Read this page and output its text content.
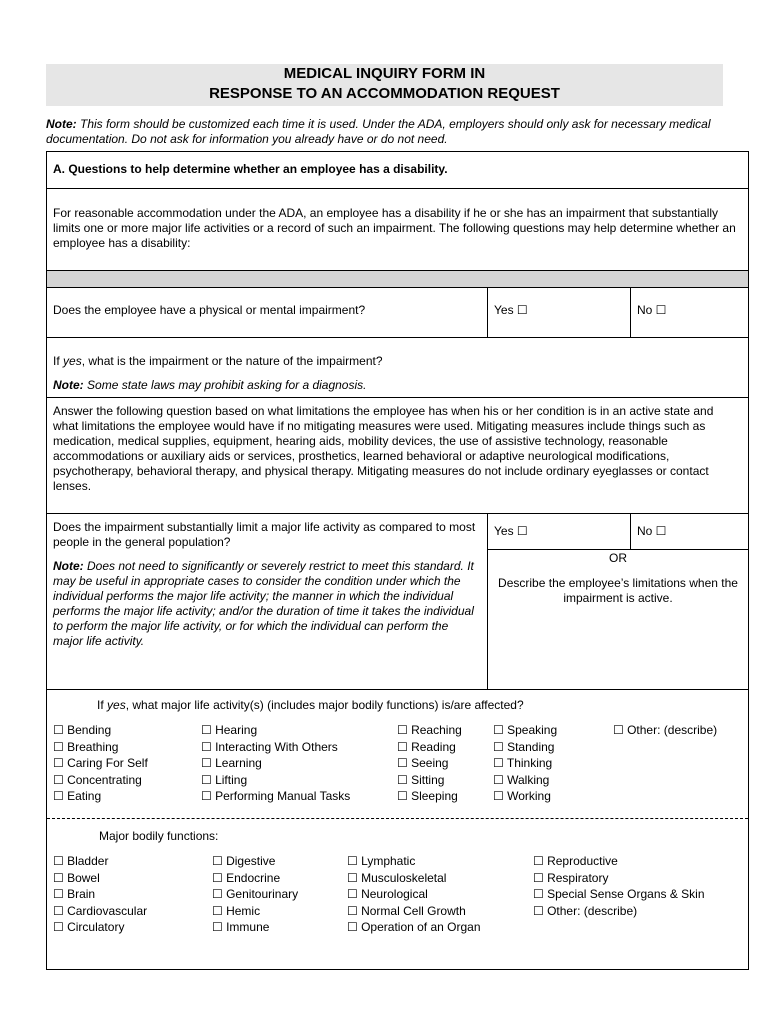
MEDICAL INQUIRY FORM IN
RESPONSE TO AN ACCOMMODATION REQUEST
Note: This form should be customized each time it is used. Under the ADA, employers should only ask for necessary medical documentation. Do not ask for information you already have or do not need.
A. Questions to help determine whether an employee has a disability.
For reasonable accommodation under the ADA, an employee has a disability if he or she has an impairment that substantially limits one or more major life activities or a record of such an impairment. The following questions may help determine whether an employee has a disability:
Does the employee have a physical or mental impairment?	Yes ☐	No ☐

If yes, what is the impairment or the nature of the impairment?

Note: Some state laws may prohibit asking for a diagnosis.

Answer the following question based on what limitations the employee has when his or her condition is in an active state and what limitations the employee would have if no mitigating measures were used. Mitigating measures include things such as medication, medical supplies, equipment, hearing aids, mobility devices, the use of assistive technology, reasonable accommodations or auxiliary aids or services, prosthetics, learned behavioral or adaptive neurological modifications, psychotherapy, behavioral therapy, and physical therapy. Mitigating measures do not include ordinary eyeglasses or contact lenses.

Does the impairment substantially limit a major life activity as compared to most people in the general population?

Note: Does not need to significantly or severely restrict to meet this standard. It may be useful in appropriate cases to consider the condition under which the individual performs the major life activity; the manner in which the individual performs the major life activity; and/or the duration of time it takes the individual to perform the major life activity, or for which the individual can perform the major life activity.

Yes ☐	No ☐
OR
Describe the employee’s limitations when the impairment is active.
If yes, what major life activity(s) (includes major bodily functions) is/are affected?
☐ Bending
☐ Breathing
☐ Caring For Self
☐ Concentrating
☐ Eating
☐ Hearing
☐ Interacting With Others
☐ Learning
☐ Lifting
☐ Performing Manual Tasks
☐ Reaching
☐ Reading
☐ Seeing
☐ Sitting
☐ Sleeping
☐ Speaking
☐ Standing
☐ Thinking
☐ Walking
☐ Working
☐ Other: (describe)
Major bodily functions:
☐ Bladder
☐ Bowel
☐ Brain
☐ Cardiovascular
☐ Circulatory
☐ Digestive
☐ Endocrine
☐ Genitourinary
☐ Hemic
☐ Immune
☐ Lymphatic
☐ Musculoskeletal
☐ Neurological
☐ Normal Cell Growth
☐ Operation of an Organ
☐ Reproductive
☐ Respiratory
☐ Special Sense Organs & Skin
☐ Other: (describe)
